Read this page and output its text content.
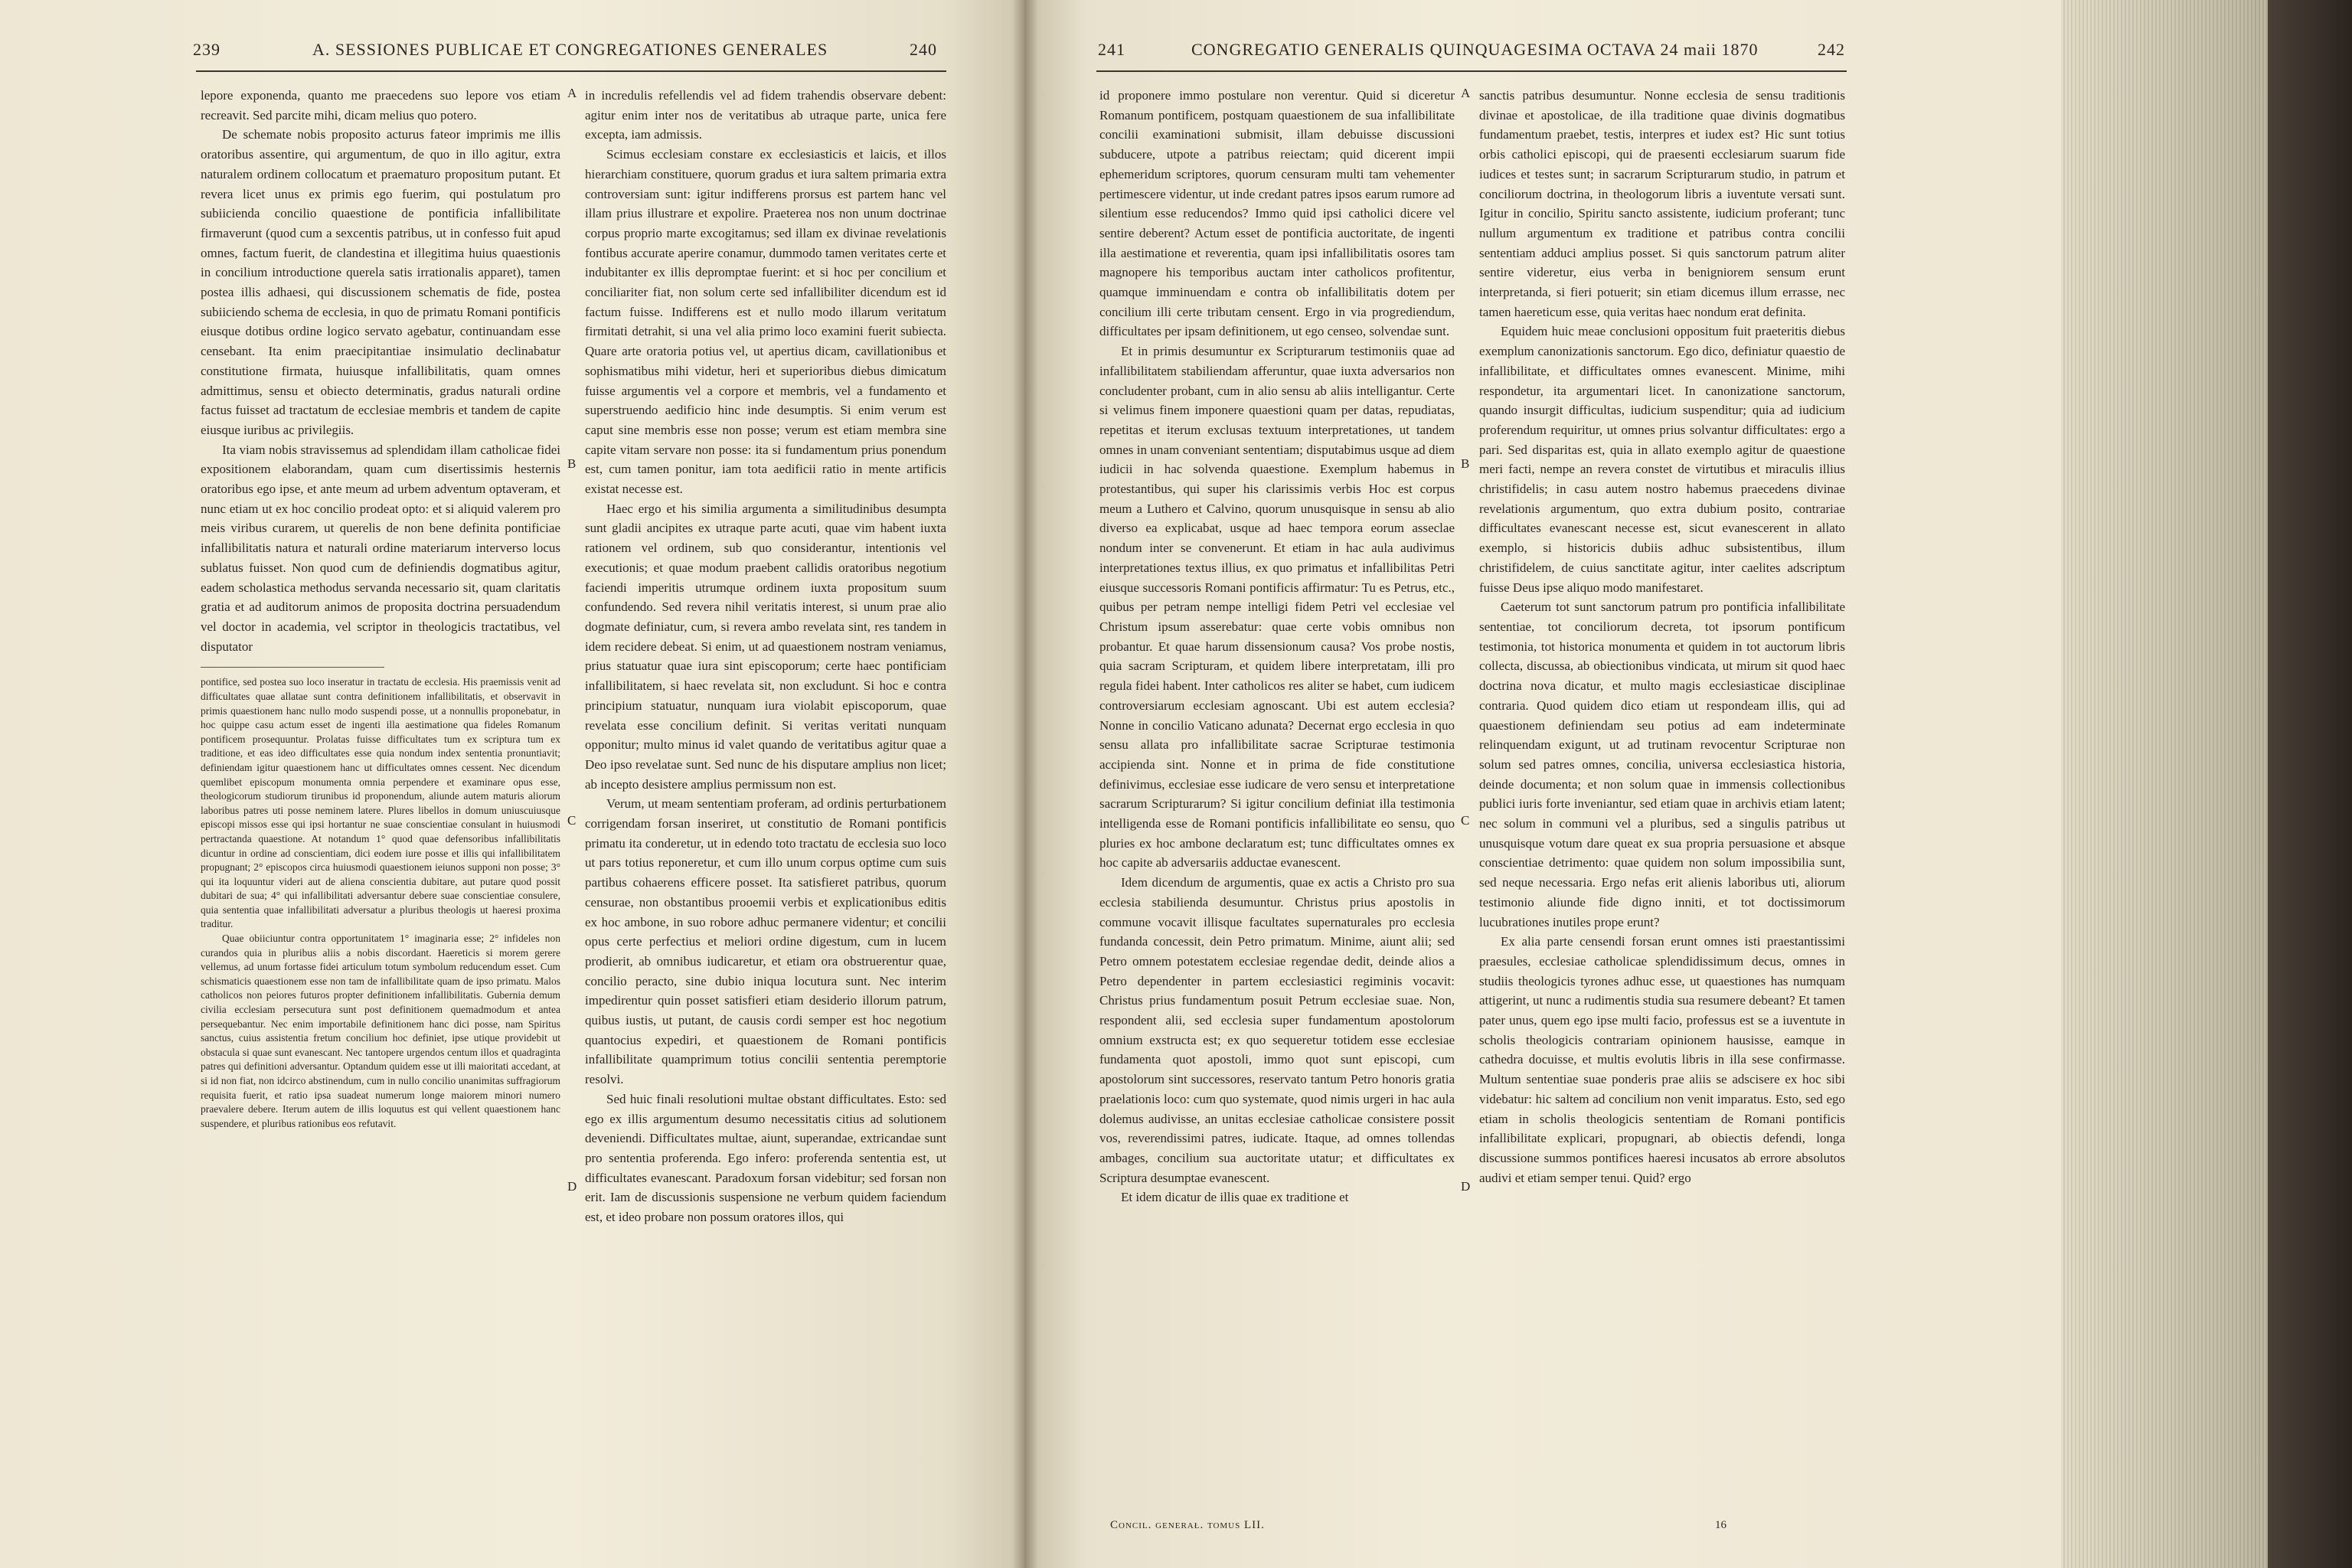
239	A. SESSIONES PUBLICAE ET CONGREGATIONES GENERALES	240

lepore exponenda, quanto me praecedens suo lepore vos etiam recreavit. Sed parcite mihi, dicam melius quo potero.

De schemate nobis proposito acturus fateor imprimis me illis oratoribus assentire, qui argumentum, de quo in illo agitur, extra naturalem ordinem collocatum et praematuro propositum putant. Et revera licet unus ex primis ego fuerim, qui postulatum pro subiicienda concilio quaestione de pontificia infallibilitate firmaverunt (quod cum a sexcentis patribus, ut in confesso fuit apud omnes, factum fuerit, de clandestina et illegitima huius quaestionis in concilium introductione querela satis irrationalis apparet), tamen postea illis adhaesi, qui discussionem schematis de fide, postea subiiciendo schema de ecclesia, in quo de primatu Romani pontificis eiusque dotibus ordine logico servato agebatur, continuandam esse censebant. Ita enim praecipitantiae insimulatio declinabatur constitutione firmata, huiusque infallibilitatis, quam omnes admittimus, sensu et obiecto determinatis, gradus naturali ordine factus fuisset ad tractatum de ecclesiae membris et tandem de capite eiusque iuribus ac privilegiis.

Ita viam nobis stravissemus ad splendidam illam catholicae fidei expositionem elaborandam, quam cum disertissimis hesternis oratoribus ego ipse, et ante meum ad urbem adventum optaveram, et nunc etiam ut ex hoc concilio prodeat opto: et si aliquid valerem pro meis viribus curarem, ut querelis de non bene definita pontificiae infallibilitatis natura et naturali ordine materiarum interverso locus sublatus fuisset. Non quod cum de definiendis dogmatibus agitur, eadem scholastica methodus servanda necessario sit, quam claritatis gratia et ad auditorum animos de proposita doctrina persuadendum vel doctor in academia, vel scriptor in theologicis tractatibus, vel disputator

pontifice, sed postea suo loco inseratur in tractatu de ecclesia. His praemissis venit ad difficultates quae allatae sunt contra definitionem infallibilitatis, et observavit in primis quaestionem hanc nullo modo suspendi posse, ut a nonnullis proponebatur, in hoc quippe casu actum esset de ingenti illa aestimatione qua fideles Romanum pontificem prosequuntur. Prolatas fuisse difficultates tum ex scriptura tum ex traditione, et eas ideo difficultates esse quia nondum index sententia pronuntiavit; definiendam igitur quaestionem hanc ut difficultates omnes cessent. Nec dicendum quemlibet episcopum monumenta omnia perpendere et examinare opus esse, theologicorum studiorum tirunibus id proponendum, aliunde autem maturis aliorum laboribus patres uti posse neminem latere. Plures libellos in domum uniuscuiusque episcopi missos esse qui ipsi hortantur ne suae conscientiae consulant in huiusmodi pertractanda quaestione. At notandum 1° quod quae defensoribus infallibilitatis dicuntur in ordine ad conscientiam, dici eodem iure posse et illis qui infallibilitatem propugnant; 2° episcopos circa huiusmodi quaestionem ieiunos supponi non posse; 3° qui ita loquuntur videri aut de aliena conscientia dubitare, aut putare quod possit dubitari de sua; 4° qui infallibilitati adversantur debere suae conscientiae consulere, quia sententia quae infallibilitati adversatur a pluribus theologis ut haeresi proxima traditur.

Quae obiiciuntur contra opportunitatem 1° imaginaria esse; 2° infideles non curandos quia in pluribus aliis a nobis discordant. Haereticis si morem gerere vellemus, ad unum fortasse fidei articulum totum symbolum reducendum esset. Cum schismaticis quaestionem esse non tam de infallibilitate quam de ipso primatu. Malos catholicos non peiores futuros propter definitionem infallibilitatis. Guberniа demum civilia ecclesiam persecutura sunt post definitionem quemadmodum et antea persequebantur. Nec enim importabile definitionem hanc dici posse, nam Spiritus sanctus, cuius assistentia fretum concilium hoc definiet, ipse utique providebit ut obstacula si quae sunt evanescant. Nec tantopere urgendos centum illos et quadraginta patres qui definitioni adversantur. Optandum quidem esse ut illi maioritati accedant, at si id non fiat, non idcirco abstinendum, cum in nullo concilio unanimitas suffragiorum requisita fuerit, et ratio ipsa suadeat numerum longe maiorem minori numero praevalere debere. Iterum autem de illis loquutus est qui vellent quaestionem hanc suspendere, et pluribus rationibus eos refutavit.

A
B
C
D

in incredulis refellendis vel ad fidem trahendis observare debent: agitur enim inter nos de veritatibus ab utraque parte, unica fere excepta, iam admissis.

Scimus ecclesiam constare ex ecclesiasticis et laicis, et illos hierarchiam constituere, quorum gradus et iura saltem primaria extra controversiam sunt: igitur indifferens prorsus est partem hanc vel illam prius illustrare et expolire. Praeterea nos non unum doctrinae corpus proprio marte excogitamus; sed illam ex divinae revelationis fontibus accurate aperire conamur, dummodo tamen veritates certe et indubitanter ex illis depromptae fuerint: et si hoc per concilium et conciliariter fiat, non solum certe sed infallibiliter dicendum est id factum fuisse. Indifferens est et nullo modo illarum veritatum firmitati detrahit, si una vel alia primo loco examini fuerit subiecta. Quare arte oratoria potius vel, ut apertius dicam, cavillationibus et sophismatibus mihi videtur, heri et superioribus diebus dimicatum fuisse argumentis vel a corpore et membris, vel a fundamento et superstruendo aedificio hinc inde desumptis. Si enim verum est caput sine membris esse non posse; verum est etiam membra sine capite vitam servare non posse: ita si fundamentum prius ponendum est, cum tamen ponitur, iam tota aedificii ratio in mente artificis existat necesse est.

Haec ergo et his similia argumenta a similitudinibus desumpta sunt gladii ancipites ex utraque parte acuti, quae vim habent iuxta rationem vel ordinem, sub quo considerantur, intentionis vel executionis; et quae modum praebent callidis oratoribus negotium faciendi imperitis utrumque ordinem iuxta propositum suum confundendo. Sed revera nihil veritatis interest, si unum prae alio dogmate definiatur, cum, si revera ambo revelata sint, res tandem in idem recidere debeat. Si enim, ut ad quaestionem nostram veniamus, prius statuatur quae iura sint episcoporum; certe haec pontificiam infallibilitatem, si haec revelata sit, non excludunt. Si hoc e contra principium statuatur, nunquam iura violabit episcoporum, quae revelata esse concilium definit. Si veritas veritati nunquam opponitur; multo minus id valet quando de veritatibus agitur quae a Deo ipso revelatae sunt. Sed nunc de his disputare amplius non licet; ab incepto desistere amplius permissum non est.

Verum, ut meam sententiam proferam, ad ordinis perturbationem corrigendam forsan inseriret, ut constitutio de Romani pontificis primatu ita conderetur, ut in edendo toto tractatu de ecclesia suo loco ut pars totius reponeretur, et cum illo unum corpus optime cum suis partibus cohaerens efficere posset. Ita satisfieret patribus, quorum censurae, non obstantibus prooemii verbis et explicationibus editis ex hoc ambone, in suo robore adhuc permanere videntur; et concilii opus certe perfectius et meliori ordine digestum, cum in lucem prodierit, ab omnibus iudicaretur, et etiam ora obstruerentur quae, concilio peracto, sine dubio iniqua locutura sunt. Nec interim impedirentur quin posset satisfieri etiam desiderio illorum patrum, quibus iustis, ut putant, de causis cordi semper est hoc negotium quantocius expediri, et quaestionem de Romani pontificis infallibilitate quamprimum totius concilii sententia peremptorie resolvi.

Sed huic finali resolutioni multae obstant difficultates. Esto: sed ego ex illis argumentum desumo necessitatis citius ad solutionem deveniendi. Difficultates multae, aiunt, superandae, extricandae sunt pro sententia proferenda. Ego infero: proferenda sententia est, ut difficultates evanescant. Paradoxum forsan videbitur; sed forsan non erit. Iam de discussionis suspensione ne verbum quidem faciendum est, et ideo probare non possum oratores illos, qui

241	CONGREGATIO GENERALIS QUINQUAGESIMA OCTAVA 24 maii 1870	242

id proponere immo postulare non verentur. Quid si diceretur Romanum pontificem, postquam quaestionem de sua infallibilitate concilii examinationi submisit, illam debuisse discussioni subducere, utpote a patribus reiectam; quid dicerent impii ephemeridum scriptores, quorum censuram multi tam vehementer pertimescere videntur, ut inde credant patres ipsos earum rumore ad silentium esse reducendos? Immo quid ipsi catholici dicere vel sentire deberent? Actum esset de pontificia auctoritate, de ingenti illa aestimatione et reverentia, quam ipsi infallibilitatis osores tam magnopere his temporibus auctam inter catholicos profitentur, quamque imminuendam e contra ob infallibilitatis dotem per concilium illi certe tributam censent. Ergo in via progrediendum, difficultates per ipsam definitionem, ut ego censeo, solvendae sunt.

Et in primis desumuntur ex Scripturarum testimoniis quae ad infallibilitatem stabiliendam afferuntur, quae iuxta adversarios non concludenter probant, cum in alio sensu ab aliis intelligantur. Certe si velimus finem imponere quaestioni quam per datas, repudiatas, repetitas et iterum exclusas textuum interpretationes, ut tandem omnes in unam conveniant sententiam; disputabimus usque ad diem iudicii in hac solvenda quaestione. Exemplum habemus in protestantibus, qui super his clarissimis verbis Hoc est corpus meum a Luthero et Calvino, quorum unusquisque in sensu ab alio diverso ea explicabat, usque ad haec tempora eorum asseclae nondum inter se convenerunt. Et etiam in hac aula audivimus interpretationes textus illius, ex quo primatus et infallibilitas Petri eiusque successoris Romani pontificis affirmatur: Tu es Petrus, etc., quibus per petram nempe intelligi fidem Petri vel ecclesiae vel Christum ipsum asserebatur: quae certe vobis omnibus non probantur. Et quae harum dissensionum causa? Vos probe nostis, quia sacram Scripturam, et quidem libere interpretatam, illi pro regula fidei habent. Inter catholicos res aliter se habet, cum iudicem controversiarum ecclesiam agnoscant. Ubi est autem ecclesia? Nonne in concilio Vaticano adunata? Decernat ergo ecclesia in quo sensu allata pro infallibilitate sacrae Scripturae testimonia accipienda sint. Nonne et in prima de fide constitutione definivimus, ecclesiae esse iudicare de vero sensu et interpretatione sacrarum Scripturarum? Si igitur concilium definiat illa testimonia intelligenda esse de Romani pontificis infallibilitate eo sensu, quo pluries ex hoc ambone declaratum est; tunc difficultates omnes ex hoc capite ab adversariis adductae evanescent.

Idem dicendum de argumentis, quae ex actis a Christo pro sua ecclesia stabilienda desumuntur. Christus prius apostolis in commune vocavit illisque facultates supernaturales pro ecclesia fundanda concessit, dein Petro primatum. Minime, aiunt alii; sed Petro omnem potestatem ecclesiae regendae dedit, deinde alios a Petro dependenter in partem ecclesiastici regiminis vocavit: Christus prius fundamentum posuit Petrum ecclesiae suae. Non, respondent alii, sed ecclesia super fundamentum apostolorum omnium exstructa est; ex quo sequeretur totidem esse ecclesiae fundamenta quot apostoli, immo quot sunt episcopi, cum apostolorum sint successores, reservato tantum Petro honoris gratia praelationis loco: cum quo systemate, quod nimis urgeri in hac aula dolemus audivisse, an unitas ecclesiae catholicae consistere possit vos, reverendissimi patres, iudicate. Itaque, ad omnes tollendas ambages, concilium sua auctoritate utatur; et difficultates ex Scriptura desumptae evanescent.

Et idem dicatur de illis quae ex traditione et

A
B
C
D

sanctis patribus desumuntur. Nonne ecclesia de sensu traditionis divinae et apostolicae, de illa traditione quae divinis dogmatibus fundamentum praebet, testis, interpres et iudex est? Hic sunt totius orbis catholici episcopi, qui de praesenti ecclesiarum suarum fide iudices et testes sunt; in sacrarum Scripturarum studio, in patrum et conciliorum doctrina, in theologorum libris a iuventute versati sunt. Igitur in concilio, Spiritu sancto assistente, iudicium proferant; tunc nullum argumentum ex traditione et patribus contra concilii sententiam adduci amplius posset. Si quis sanctorum patrum aliter sentire videretur, eius verba in benigniorem sensum erunt interpretanda, si fieri potuerit; sin etiam dicemus illum errasse, nec tamen haereticum esse, quia veritas haec nondum erat definita.

Equidem huic meae conclusioni oppositum fuit praeteritis diebus exemplum canonizationis sanctorum. Ego dico, definiatur quaestio de infallibilitate, et difficultates omnes evanescent. Minime, mihi respondetur, ita argumentari licet. In canonizatione sanctorum, quando insurgit difficultas, iudicium suspenditur; quia ad iudicium proferendum requiritur, ut omnes prius solvantur difficultates: ergo a pari. Sed disparitas est, quia in allato exemplo agitur de quaestione meri facti, nempe an revera constet de virtutibus et miraculis illius christifidelis; in casu autem nostro habemus praecedens divinae revelationis argumentum, quo extra dubium posito, contrariae difficultates evanescant necesse est, sicut evanescerent in allato exemplo, si historicis dubiis adhuc subsistentibus, illum christifidelem, de cuius sanctitate agitur, inter caelites adscriptum fuisse Deus ipse aliquo modo manifestaret.

Caeterum tot sunt sanctorum patrum pro pontificia infallibilitate sententiae, tot conciliorum decreta, tot ipsorum pontificum testimonia, tot historica monumenta et quidem in tot auctorum libris collecta, discussa, ab obiectionibus vindicata, ut mirum sit quod haec doctrina nova dicatur, et multo magis ecclesiasticae disciplinae contraria. Quod quidem dico etiam ut respondeam illis, qui ad quaestionem definiendam seu potius ad eam indeterminate relinquendam exigunt, ut ad trutinam revocentur Scripturae non solum sed patres omnes, concilia, universa ecclesiastica historia, deinde documenta; et non solum quae in immensis collectionibus publici iuris forte inveniantur, sed etiam quae in archivis etiam latent; nec solum in communi vel a pluribus, sed a singulis patribus ut unusquisque votum dare queat ex sua propria persuasione et absque conscientiae detrimento: quae quidem non solum impossibilia sunt, sed neque necessaria. Ergo nefas erit alienis laboribus uti, aliorum testimonio aliunde fide digno inniti, et tot doctissimorum lucubrationes inutiles prope erunt?

Ex alia parte censendi forsan erunt omnes isti praestantissimi praesules, ecclesiae catholicae splendidissimum decus, omnes in studiis theologicis tyrones adhuc esse, ut quaestiones has numquam attigerint, ut nunc a rudimentis studia sua resumere debeant? Et tamen pater unus, quem ego ipse multi facio, professus est se a iuventute in scholis theologicis contrariam opinionem hausisse, eamque in cathedra docuisse, et multis evolutis libris in illa sese confirmasse. Multum sententiae suae ponderis prae aliis se adscisere ex hoc sibi videbatur: hic saltem ad concilium non venit imparatus. Esto, sed ego etiam in scholis theologicis sententiam de Romani pontificis infallibilitate explicari, propugnari, ab obiectis defendi, longa discussione summos pontifices haeresi incusatos ab errore absolutos audivi et etiam semper tenui. Quid? ergo

Concil. generał. tomus LII.	16
